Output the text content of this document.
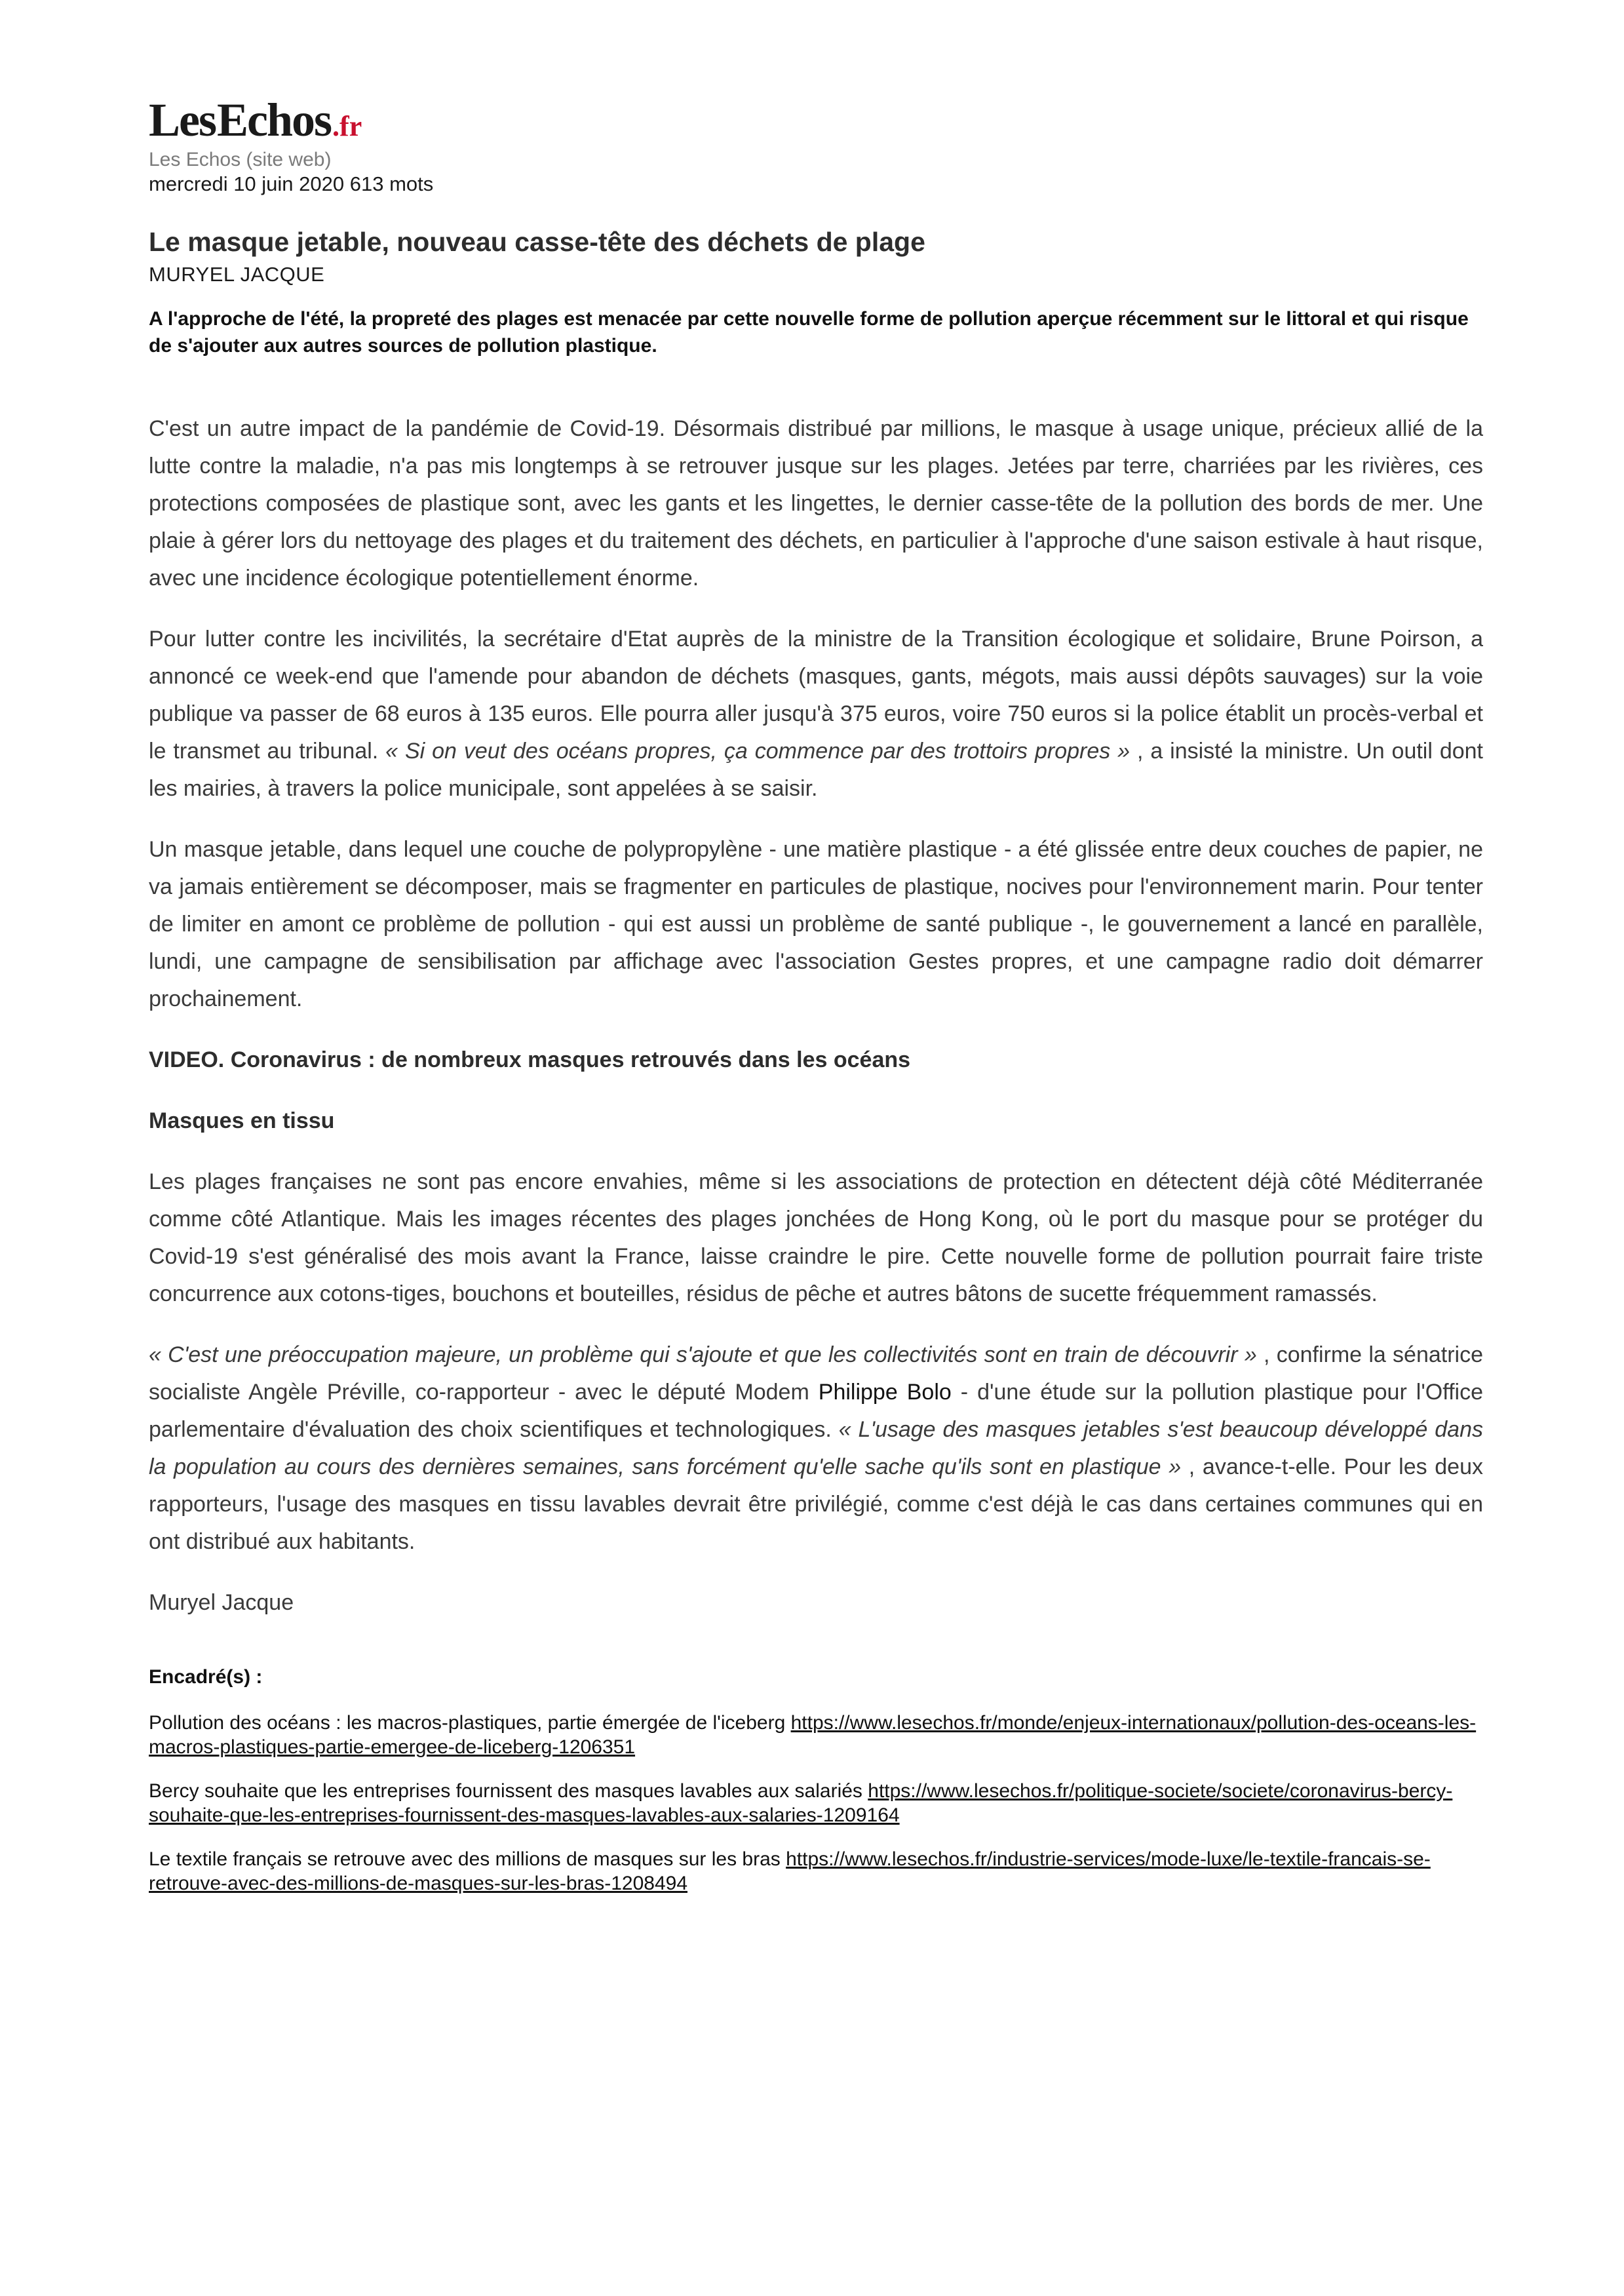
Les Echos .fr
Les Echos (site web)
mercredi 10 juin 2020 613 mots
Le masque jetable, nouveau casse-tête des déchets de plage
MURYEL JACQUE
A l'approche de l'été, la propreté des plages est menacée par cette nouvelle forme de pollution aperçue récemment sur le littoral et qui risque de s'ajouter aux autres sources de pollution plastique.

C'est un autre impact de la pandémie de Covid-19. Désormais distribué par millions, le masque à usage unique, précieux allié de la lutte contre la maladie, n'a pas mis longtemps à se retrouver jusque sur les plages. Jetées par terre, charriées par les rivières, ces protections composées de plastique sont, avec les gants et les lingettes, le dernier casse-tête de la pollution des bords de mer. Une plaie à gérer lors du nettoyage des plages et du traitement des déchets, en particulier à l'approche d'une saison estivale à haut risque, avec une incidence écologique potentiellement énorme.

Pour lutter contre les incivilités, la secrétaire d'Etat auprès de la ministre de la Transition écologique et solidaire, Brune Poirson, a annoncé ce week-end que l'amende pour abandon de déchets (masques, gants, mégots, mais aussi dépôts sauvages) sur la voie publique va passer de 68 euros à 135 euros. Elle pourra aller jusqu'à 375 euros, voire 750 euros si la police établit un procès-verbal et le transmet au tribunal. « Si on veut des océans propres, ça commence par des trottoirs propres » , a insisté la ministre. Un outil dont les mairies, à travers la police municipale, sont appelées à se saisir.

Un masque jetable, dans lequel une couche de polypropylène - une matière plastique - a été glissée entre deux couches de papier, ne va jamais entièrement se décomposer, mais se fragmenter en particules de plastique, nocives pour l'environnement marin. Pour tenter de limiter en amont ce problème de pollution - qui est aussi un problème de santé publique -, le gouvernement a lancé en parallèle, lundi, une campagne de sensibilisation par affichage avec l'association Gestes propres, et une campagne radio doit démarrer prochainement.

VIDEO. Coronavirus : de nombreux masques retrouvés dans les océans

Masques en tissu

Les plages françaises ne sont pas encore envahies, même si les associations de protection en détectent déjà côté Méditerranée comme côté Atlantique. Mais les images récentes des plages jonchées de Hong Kong, où le port du masque pour se protéger du Covid-19 s'est généralisé des mois avant la France, laisse craindre le pire. Cette nouvelle forme de pollution pourrait faire triste concurrence aux cotons-tiges, bouchons et bouteilles, résidus de pêche et autres bâtons de sucette fréquemment ramassés.

« C'est une préoccupation majeure, un problème qui s'ajoute et que les collectivités sont en train de découvrir » , confirme la sénatrice socialiste Angèle Préville, co-rapporteur - avec le député Modem Philippe Bolo - d'une étude sur la pollution plastique pour l'Office parlementaire d'évaluation des choix scientifiques et technologiques. « L'usage des masques jetables s'est beaucoup développé dans la population au cours des dernières semaines, sans forcément qu'elle sache qu'ils sont en plastique » , avance-t-elle. Pour les deux rapporteurs, l'usage des masques en tissu lavables devrait être privilégié, comme c'est déjà le cas dans certaines communes qui en ont distribué aux habitants.

Muryel Jacque

Encadré(s) :

Pollution des océans : les macros-plastiques, partie émergée de l'iceberg https://www.lesechos.fr/monde/enjeux-internationaux/pollution-des-oceans-les-macros-plastiques-partie-emergee-de-liceberg-1206351

Bercy souhaite que les entreprises fournissent des masques lavables aux salariés https://www.lesechos.fr/politique-societe/societe/coronavirus-bercy-souhaite-que-les-entreprises-fournissent-des-masques-lavables-aux-salaries-1209164

Le textile français se retrouve avec des millions de masques sur les bras https://www.lesechos.fr/industrie-services/mode-luxe/le-textile-francais-se-retrouve-avec-des-millions-de-masques-sur-les-bras-1208494
